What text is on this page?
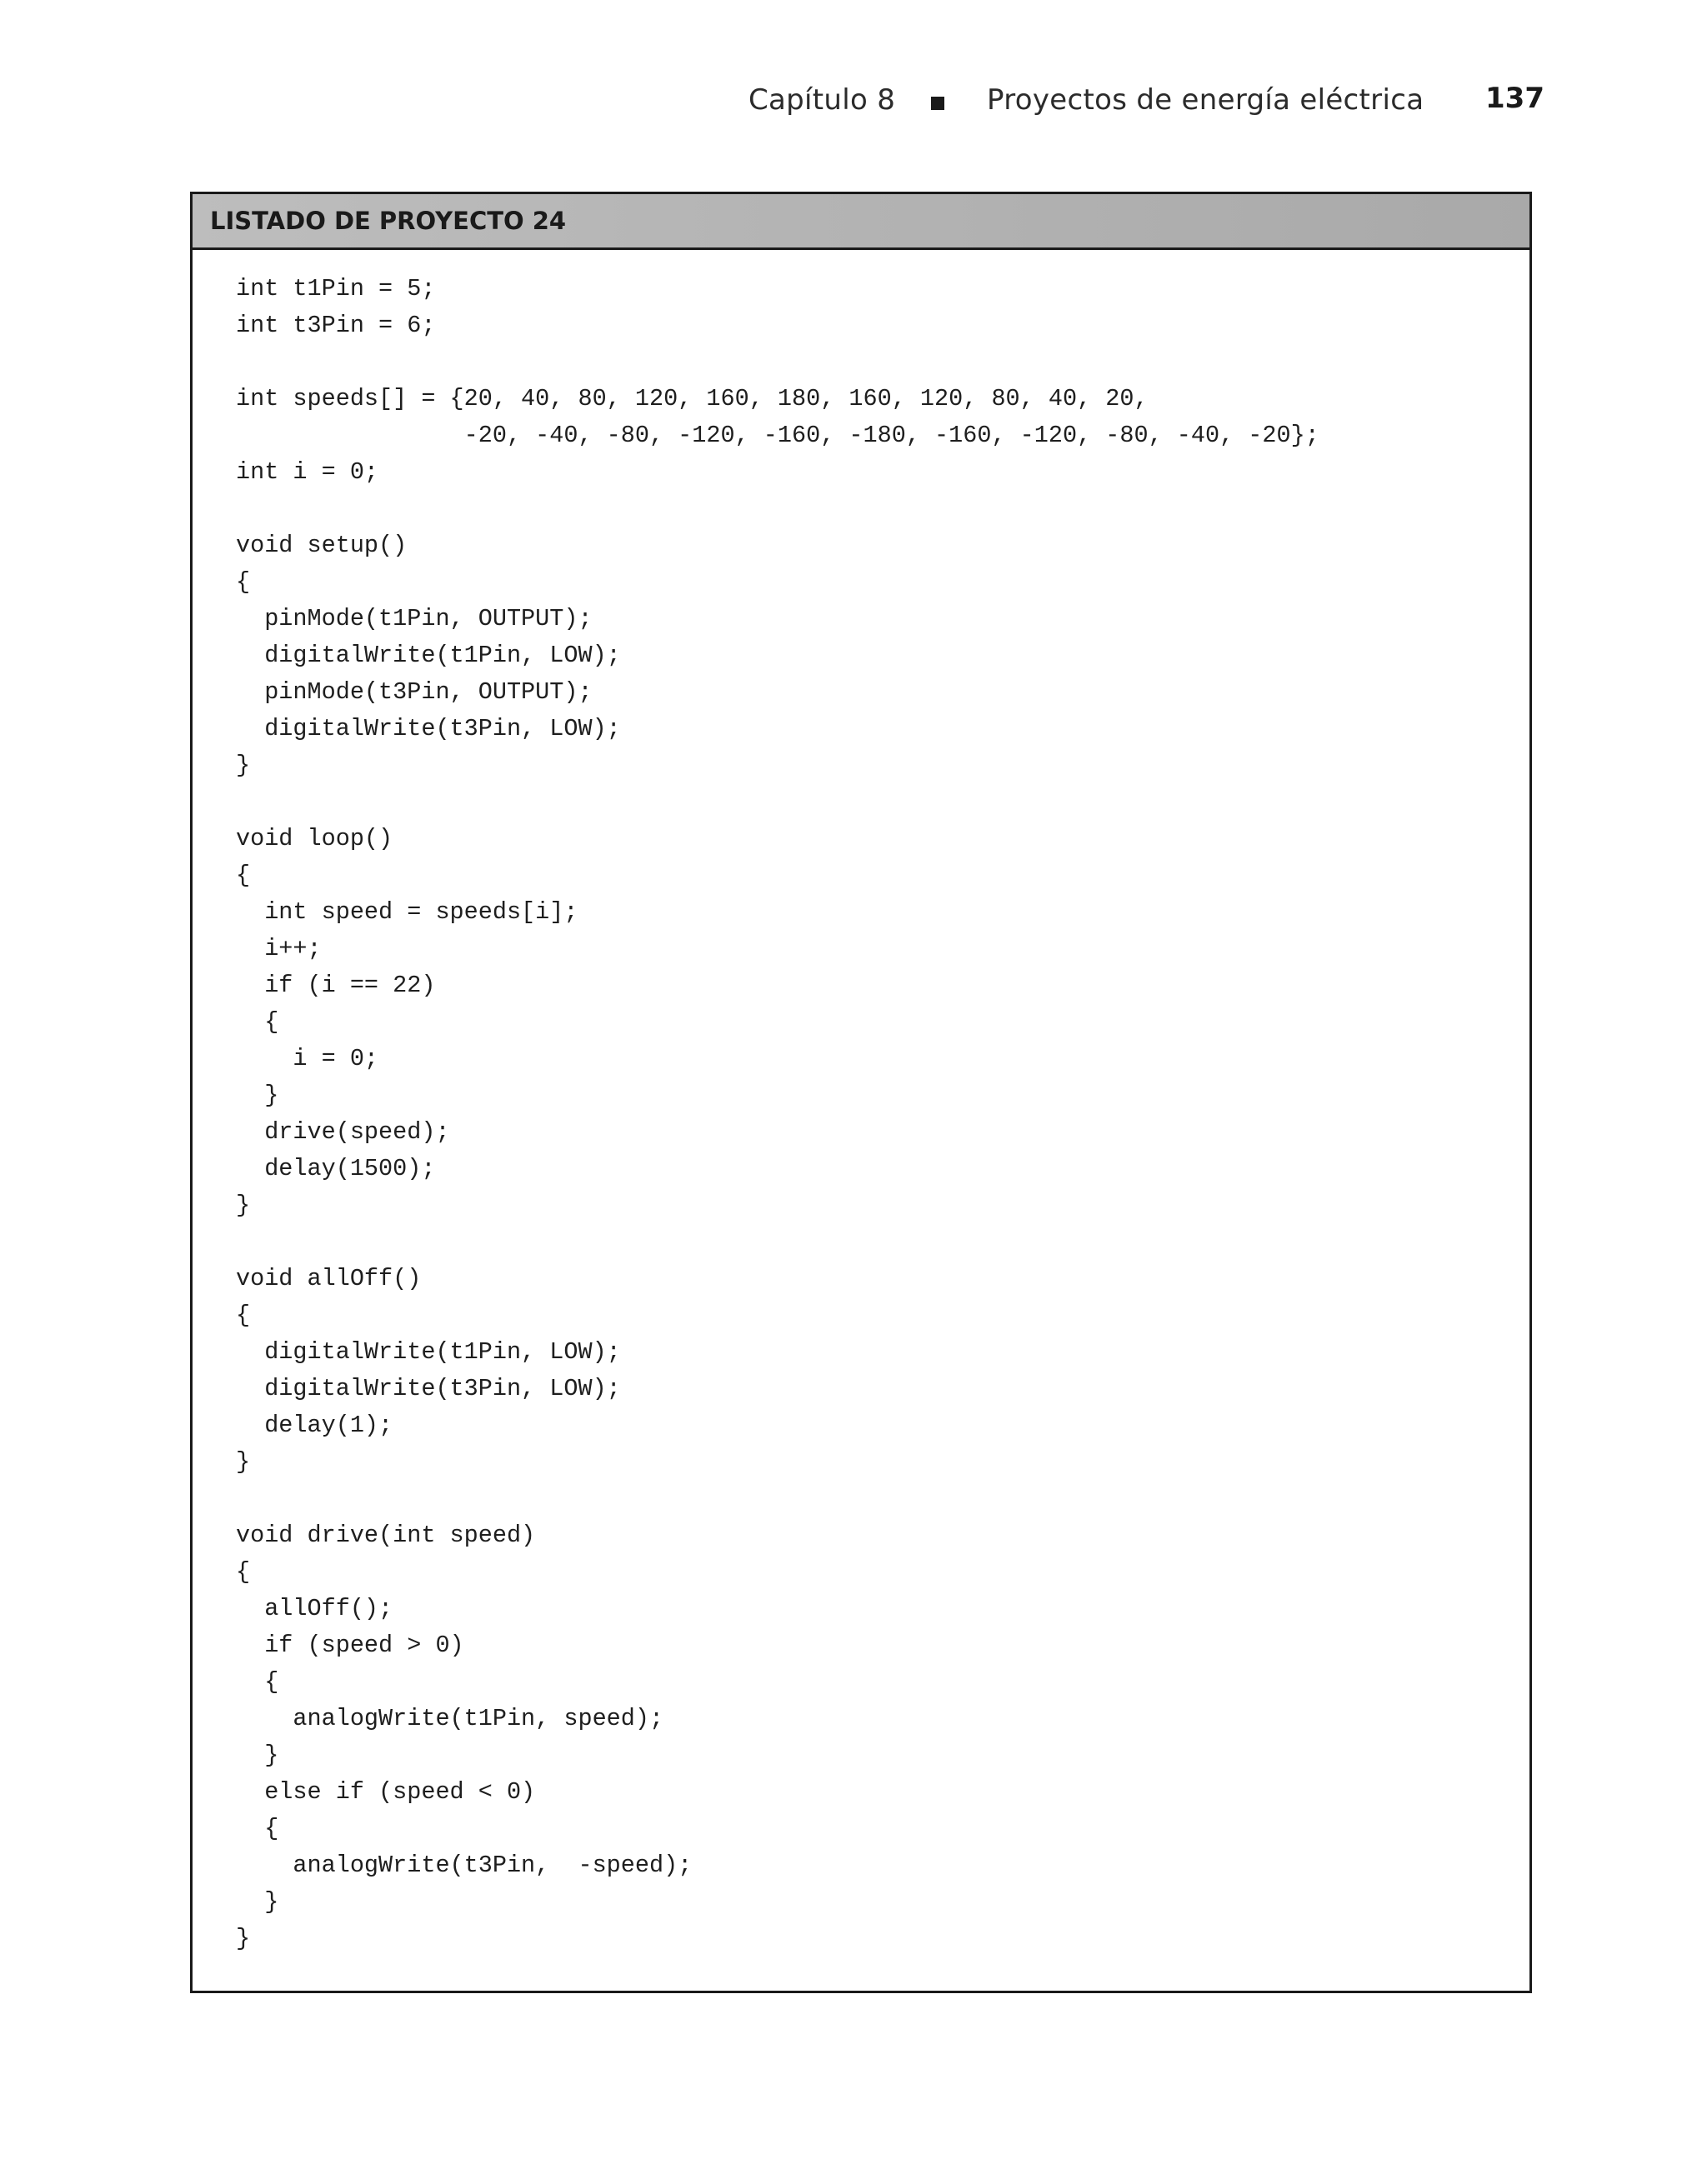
Capítulo 8	Proyectos de energía eléctrica 137
LISTADO DE PROYECTO 24
int t1Pin = 5;
int t3Pin = 6;
int speeds[] = {20, 40, 80, 120, 160, 180, 160, 120, 80, 40, 20,
-20, -40, -80, -120, -160, -180, -160, -120, -80, -40, -20};
int i = 0;
void setup()
{
pinMode(t1Pin, OUTPUT);
digitalWrite(t1Pin, LOW);
pinMode(t3Pin, OUTPUT);
digitalWrite(t3Pin, LOW);
}
void loop()
{
int speed = speeds[i];
i++;
if (i == 22)
{
i = 0;
}
drive(speed);
delay(1500);
}
void allOff()
{
digitalWrite(t1Pin, LOW);
digitalWrite(t3Pin, LOW);
delay(1);
}
void drive(int speed)
{
allOff();
if (speed > 0)
{
analogWrite(t1Pin, speed);
}
else if (speed < 0)
{
analogWrite(t3Pin,  -speed);
}
}
